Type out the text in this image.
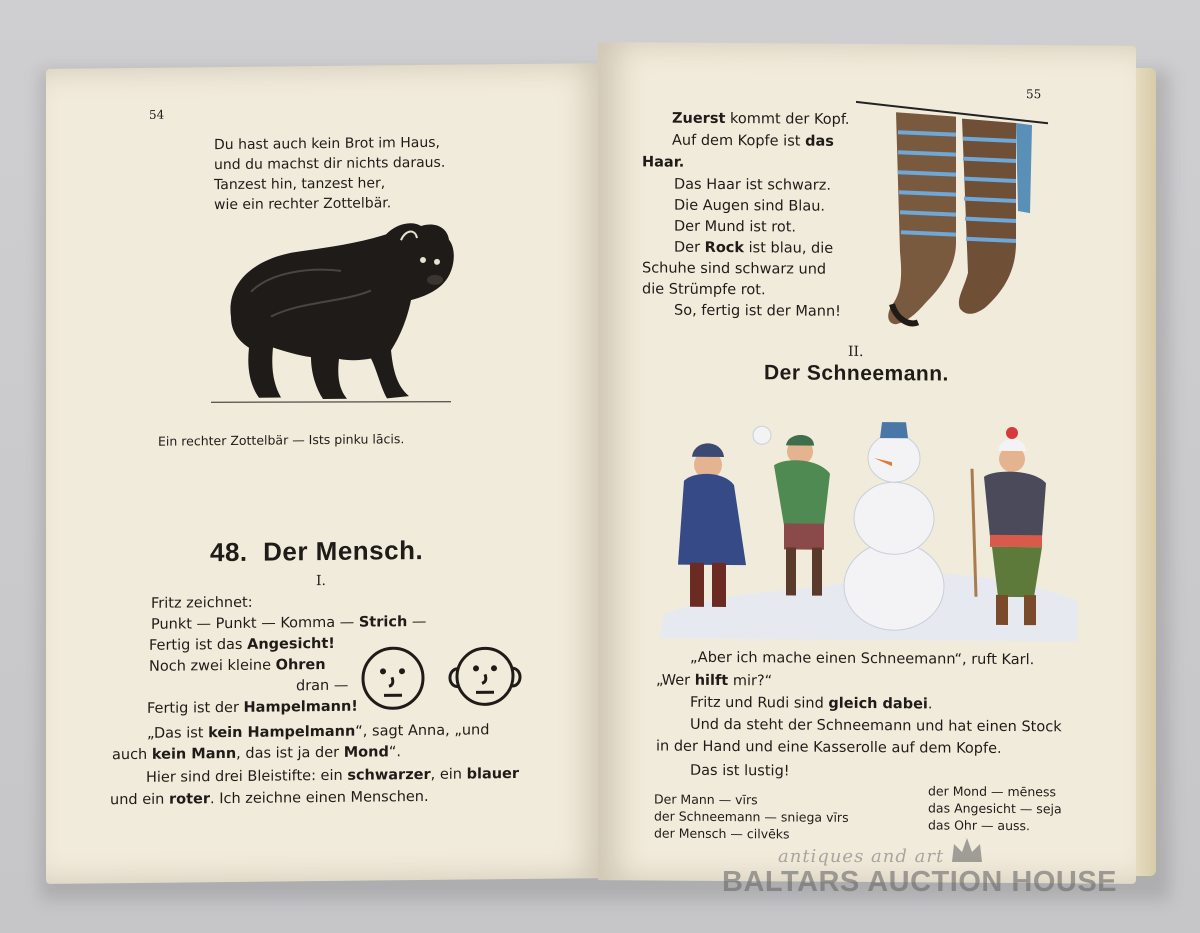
54
Du hast auch kein Brot im Haus,
und du machst dir nichts daraus.
Tanzest hin, tanzest her,
wie ein rechter Zottelbär.
Ein rechter Zottelbär — Ists pinku lācis.
48.  Der Mensch.
I.
Fritz zeichnet:
Punkt — Punkt — Komma — Strich —
Fertig ist das Angesicht!
Noch zwei kleine Ohren
dran —
Fertig ist der Hampelmann!
„Das ist kein Hampelmann“, sagt Anna, „und
auch kein Mann, das ist ja der Mond“.
Hier sind drei Bleistifte: ein schwarzer, ein blauer
und ein roter. Ich zeichne einen Menschen.
55
Zuerst kommt der Kopf.
Auf dem Kopfe ist das
Haar.
Das Haar ist schwarz.
Die Augen sind Blau.
Der Mund ist rot.
Der Rock ist blau, die
Schuhe sind schwarz und
die Strümpfe rot.
So, fertig ist der Mann!
II.
Der Schneemann.
„Aber ich mache einen Schneemann“, ruft Karl.
„Wer hilft mir?“
Fritz und Rudi sind gleich dabei.
Und da steht der Schneemann und hat einen Stock
in der Hand und eine Kasserolle auf dem Kopfe.
Das ist lustig!
Der Mann — vīrs
der Schneemann — sniega vīrs
der Mensch — cilvēks
der Mond — mēness
das Angesicht — seja
das Ohr — auss.
antiques and art
BALTARS AUCTION HOUSE
